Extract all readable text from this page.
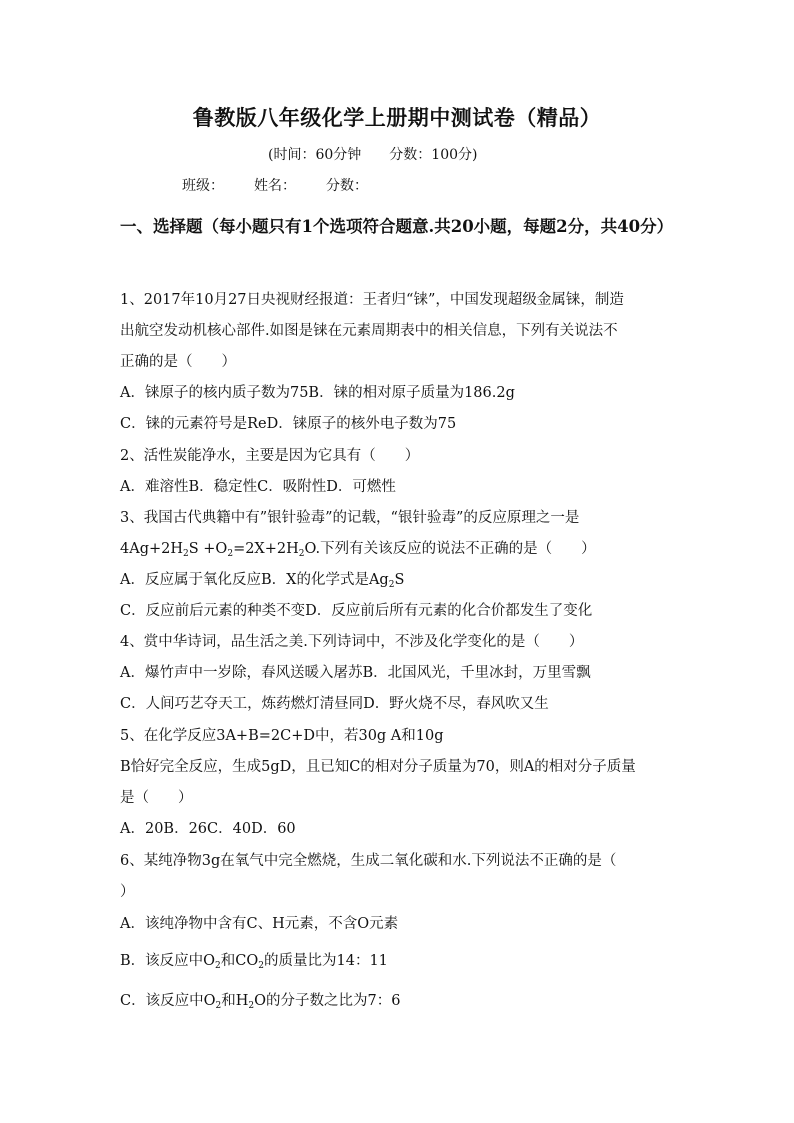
鲁教版八年级化学上册期中测试卷（精品）
(时间：60分钟 分数：100分)
班级： 姓名： 分数：
一、选择题（每小题只有1个选项符合题意.共20小题，每题2分，共40分）
1、2017年10月27日央视财经报道：王者归“铼”，中国发现超级金属铼，制造
出航空发动机核心部件.如图是铼在元素周期表中的相关信息，下列有关说法不
正确的是（　　）
A．铼原子的核内质子数为75B．铼的相对原子质量为186.2g
C．铼的元素符号是ReD．铼原子的核外电子数为75
2、活性炭能净水，主要是因为它具有（　　）
A．难溶性B．稳定性C．吸附性D．可燃性
3、我国古代典籍中有”银针验毒”的记载，“银针验毒”的反应原理之一是
$4Ag+2H_2S +O_2=2X+2H_2O$.下列有关该反应的说法不正确的是（　　）
A．反应属于氧化反应B．X的化学式是$Ag_2S$
C．反应前后元素的种类不变D．反应前后所有元素的化合价都发生了变化
4、赏中华诗词，品生活之美.下列诗词中，不涉及化学变化的是（　　）
A．爆竹声中一岁除，春风送暖入屠苏B．北国风光，千里冰封，万里雪飘
C．人间巧艺夺天工，炼药燃灯清昼同D．野火烧不尽，春风吹又生
5、在化学反应3A+B=2C+D中，若30g A和10g
B恰好完全反应，生成5gD，且已知C的相对分子质量为70，则A的相对分子质量
是（　　）
A．20B．26C．40D．60
6、某纯净物3g在氧气中完全燃烧，生成二氧化碳和水.下列说法不正确的是（
）
A．该纯净物中含有C、H元素，不含O元素
B．该反应中$O_2$和$CO_2$的质量比为14：11
C．该反应中$O_2$和$H_2O$的分子数之比为7：6
